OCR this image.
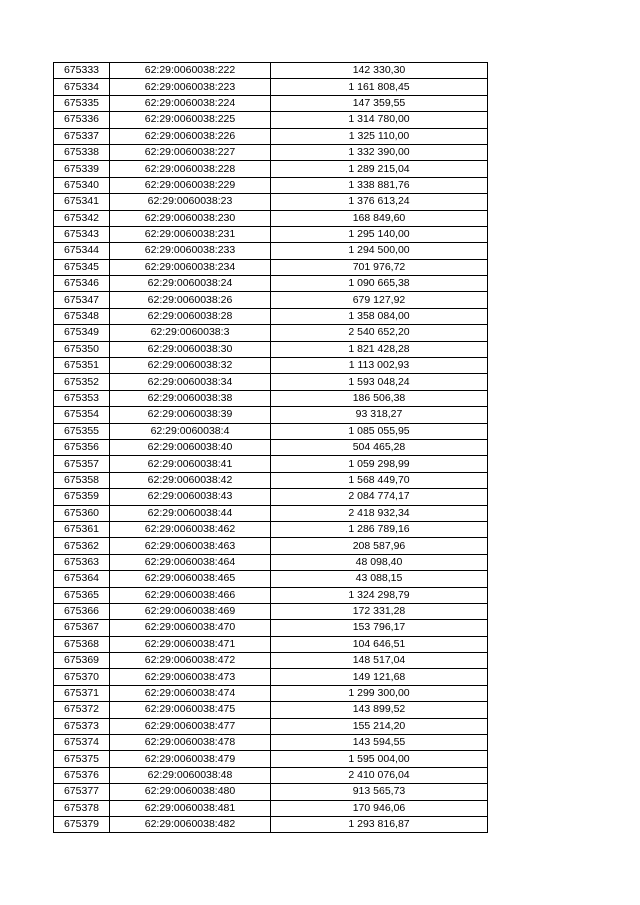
675333	62:29:0060038:222	142 330,30
675334	62:29:0060038:223	1 161 808,45
675335	62:29:0060038:224	147 359,55
675336	62:29:0060038:225	1 314 780,00
675337	62:29:0060038:226	1 325 110,00
675338	62:29:0060038:227	1 332 390,00
675339	62:29:0060038:228	1 289 215,04
675340	62:29:0060038:229	1 338 881,76
675341	62:29:0060038:23	1 376 613,24
675342	62:29:0060038:230	168 849,60
675343	62:29:0060038:231	1 295 140,00
675344	62:29:0060038:233	1 294 500,00
675345	62:29:0060038:234	701 976,72
675346	62:29:0060038:24	1 090 665,38
675347	62:29:0060038:26	679 127,92
675348	62:29:0060038:28	1 358 084,00
675349	62:29:0060038:3	2 540 652,20
675350	62:29:0060038:30	1 821 428,28
675351	62:29:0060038:32	1 113 002,93
675352	62:29:0060038:34	1 593 048,24
675353	62:29:0060038:38	186 506,38
675354	62:29:0060038:39	93 318,27
675355	62:29:0060038:4	1 085 055,95
675356	62:29:0060038:40	504 465,28
675357	62:29:0060038:41	1 059 298,99
675358	62:29:0060038:42	1 568 449,70
675359	62:29:0060038:43	2 084 774,17
675360	62:29:0060038:44	2 418 932,34
675361	62:29:0060038:462	1 286 789,16
675362	62:29:0060038:463	208 587,96
675363	62:29:0060038:464	48 098,40
675364	62:29:0060038:465	43 088,15
675365	62:29:0060038:466	1 324 298,79
675366	62:29:0060038:469	172 331,28
675367	62:29:0060038:470	153 796,17
675368	62:29:0060038:471	104 646,51
675369	62:29:0060038:472	148 517,04
675370	62:29:0060038:473	149 121,68
675371	62:29:0060038:474	1 299 300,00
675372	62:29:0060038:475	143 899,52
675373	62:29:0060038:477	155 214,20
675374	62:29:0060038:478	143 594,55
675375	62:29:0060038:479	1 595 004,00
675376	62:29:0060038:48	2 410 076,04
675377	62:29:0060038:480	913 565,73
675378	62:29:0060038:481	170 946,06
675379	62:29:0060038:482	1 293 816,87
